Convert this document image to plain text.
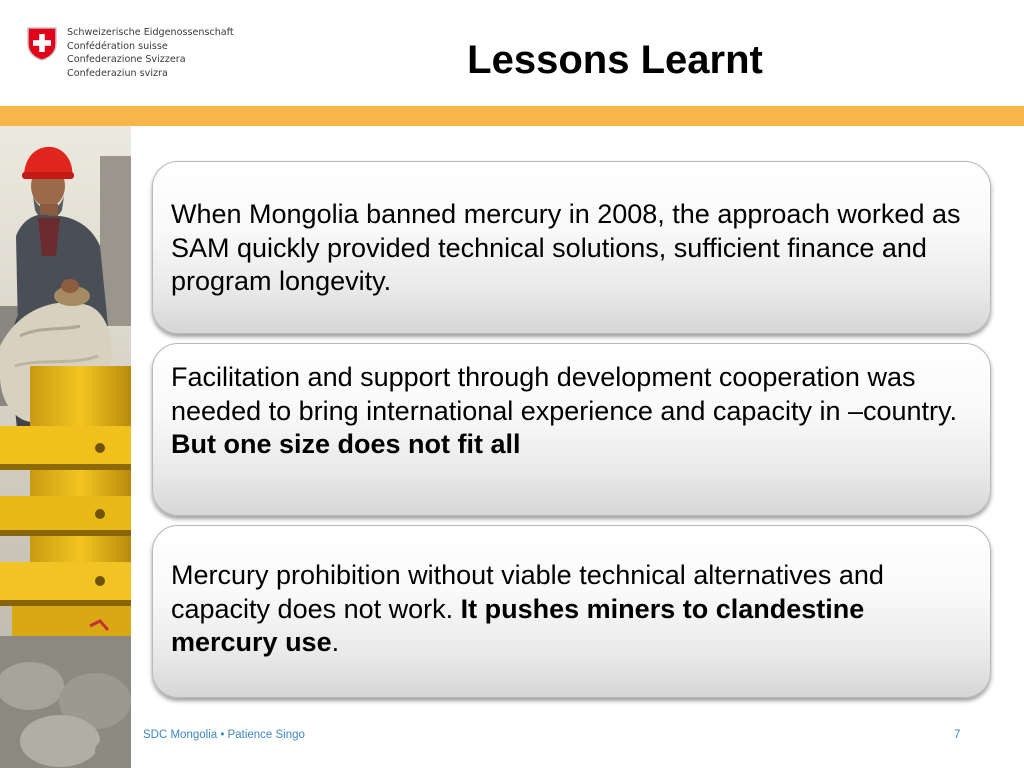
Schweizerische Eidgenossenschaft
Confédération suisse
Confederazione Svizzera
Confederaziun svizra	Lessons Learnt
When Mongolia banned mercury in 2008, the approach worked as SAM quickly provided technical solutions, sufficient finance and program longevity.
Facilitation and support through development cooperation was needed to bring international experience and capacity in –country. But one size does not fit all
Mercury prohibition without viable technical alternatives and capacity does not work. It pushes miners to clandestine mercury use.
SDC Mongolia • Patience Singo	7
